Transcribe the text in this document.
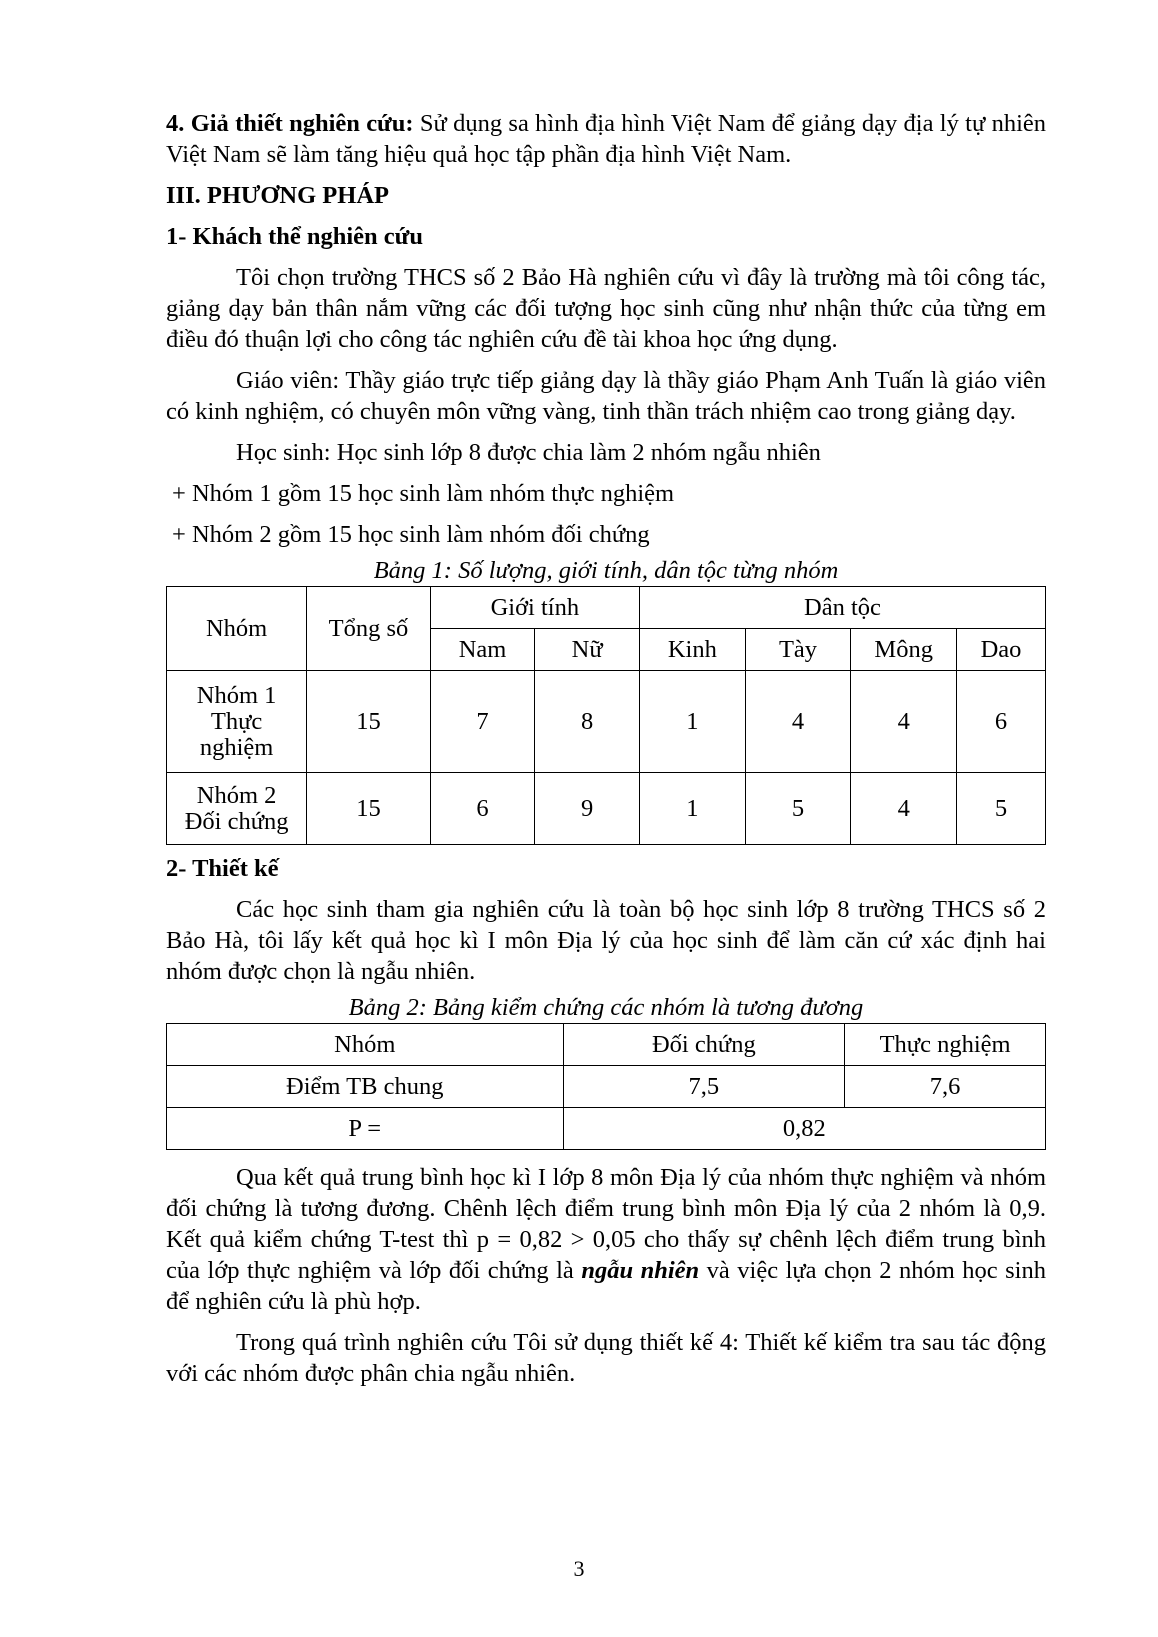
4. Giả thiết nghiên cứu: Sử dụng sa hình địa hình Việt Nam để giảng dạy địa lý tự nhiên Việt Nam sẽ làm tăng hiệu quả học tập phần địa hình Việt Nam.

III. PHƯƠNG PHÁP

1- Khách thể nghiên cứu

Tôi chọn trường THCS số 2 Bảo Hà nghiên cứu vì đây là trường mà tôi công tác, giảng dạy bản thân nắm vững các đối tượng học sinh cũng như nhận thức của từng em điều đó thuận lợi cho công tác nghiên cứu đề tài khoa học ứng dụng.

Giáo viên: Thầy giáo trực tiếp giảng dạy là thầy giáo Phạm Anh Tuấn là giáo viên có kinh nghiệm, có chuyên môn vững vàng, tinh thần trách nhiệm cao trong giảng dạy.

Học sinh: Học sinh lớp 8 được chia làm 2 nhóm ngẫu nhiên

+ Nhóm 1 gồm 15 học sinh làm nhóm thực nghiệm

+ Nhóm 2 gồm 15 học sinh làm nhóm đối chứng

Bảng 1: Số lượng, giới tính, dân tộc từng nhóm

Nhóm	Tổng số	Giới tính		Dân tộc			
		Nam	Nữ	Kinh	Tày	Mông	Dao
Nhóm 1
Thực
nghiệm	15	7	8	1	4	4	6
Nhóm 2
Đối chứng	15	6	9	1	5	4	5

2- Thiết kế

Các học sinh tham gia nghiên cứu là toàn bộ học sinh lớp 8 trường THCS số 2 Bảo Hà, tôi lấy kết quả học kì I môn Địa lý của học sinh để làm căn cứ xác định hai nhóm được chọn là ngẫu nhiên.

Bảng 2: Bảng kiểm chứng các nhóm là tương đương

Nhóm	Đối chứng	Thực nghiệm
Điểm TB chung	7,5	7,6
P =	0,82	

Qua kết quả trung bình học kì I lớp 8 môn Địa lý của nhóm thực nghiệm và nhóm đối chứng là tương đương. Chênh lệch điểm trung bình môn Địa lý của 2 nhóm là 0,9. Kết quả kiểm chứng T-test thì p = 0,82 > 0,05 cho thấy sự chênh lệch điểm trung bình của lớp thực nghiệm và lớp đối chứng là ngẫu nhiên và việc lựa chọn 2 nhóm học sinh để nghiên cứu là phù hợp.

Trong quá trình nghiên cứu Tôi sử dụng thiết kế 4: Thiết kế kiểm tra sau tác động với các nhóm được phân chia ngẫu nhiên.

3
